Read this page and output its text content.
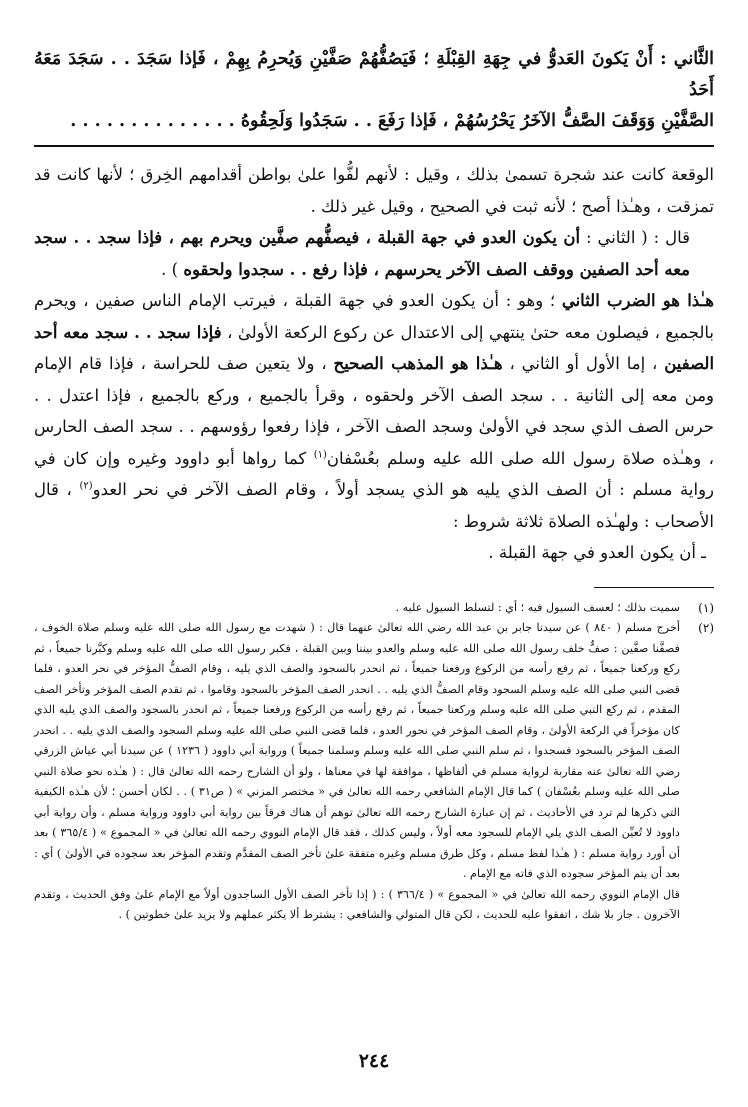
الثَّاني : أَنْ يَكونَ العَدوُّ في جِهَةِ القِبْلَةِ ؛ فَيَصُفُّهُمْ صَفَّيْنِ وَيُحرِمُ بِهِمْ ، فَإذا سَجَدَ . . سَجَدَ مَعَهُ أَحَدُ

الصَّفَّيْنِ وَوَقَفَ الصَّفُّ الآخَرُ يَحْرُسُهُمْ ، فَإذا رَفَعَ . . سَجَدُوا وَلَحِقُوهُ . . . . . . . . . . . . . .

الوقعة كانت عند شجرة تسمىٰ بذلك ، وقيل : لأنهم لفُّوا علىٰ بواطن أقدامهم الخِرق ؛ لأنها كانت قد تمزقت ، وهـٰذا أصح ؛ لأنه ثبت في الصحيح ، وقيل غير ذلك .

قال : ( الثاني : أن يكون العدو في جهة القبلة ، فيصفُّهم صفَّين ويحرم بهم ، فإذا سجد . . سجد معه أحد الصفين ووقف الصف الآخر يحرسهم ، فإذا رفع . . سجدوا ولحقوه ) .

هـٰذا هو الضرب الثاني ؛ وهو : أن يكون العدو في جهة القبلة ، فيرتب الإمام الناس صفين ، ويحرم بالجميع ، فيصلون معه حتىٰ ينتهي إلى الاعتدال عن ركوع الركعة الأولىٰ ، فإذا سجد . . سجد معه أحد الصفين ، إما الأول أو الثاني ، هـٰذا هو المذهب الصحيح ، ولا يتعين صف للحراسة ، فإذا قام الإمام ومن معه إلى الثانية . . سجد الصف الآخر ولحقوه ، وقرأ بالجميع ، وركع بالجميع ، فإذا اعتدل . . حرس الصف الذي سجد في الأولىٰ وسجد الصف الآخر ، فإذا رفعوا رؤوسهم . . سجد الصف الحارس ، وهـٰذه صلاة رسول الله صلى الله عليه وسلم بعُسْفان$^{(١)}$ كما رواها أبو داوود وغيره وإن كان في رواية مسلم : أن الصف الذي يليه هو الذي يسجد أولاً ، وقام الصف الآخر في نحر العدو$^{(٢)}$ ، قال الأصحاب : ولهـٰذه الصلاة ثلاثة شروط :

ـ أن يكون العدو في جهة القبلة .

(١)
سميت بذلك ؛ لعسف السيول فيه ؛ أي : لتسلط السيول عليه .
(٢)
أخرج مسلم ( ٨٤٠ ) عن سيدنا جابر بن عبد الله رضي الله تعالىٰ عنهما قال : ( شهدت مع رسول الله صلى الله عليه وسلم صلاة الخوف ، فصفَّنا صفَّين : صفٌّ خلف رسول الله صلى الله عليه وسلم والعدو بيننا وبين القبلة ، فكبر رسول الله صلى الله عليه وسلم وكبَّرنا جميعاً ، ثم ركع وركعنا جميعاً ، ثم رفع رأسه من الركوع ورفعنا جميعاً ، ثم انحدر بالسجود والصف الذي يليه ، وقام الصفُّ المؤخر في نحر العدو ، فلما قضى النبي صلى الله عليه وسلم السجود وقام الصفُّ الذي يليه . . انحدر الصف المؤخر بالسجود وقاموا ، ثم تقدم الصف المؤخر وتأخر الصف المقدم ، ثم ركع النبي صلى الله عليه وسلم وركعنا جميعاً ، ثم رفع رأسه من الركوع ورفعنا جميعاً ، ثم انحدر بالسجود والصف الذي يليه الذي كان مؤخراً في الركعة الأولىٰ ، وقام الصف المؤخر في نحور العدو ، فلما قضى النبي صلى الله عليه وسلم السجود والصف الذي يليه . . انحدر الصف المؤخر بالسجود فسجدوا ، ثم سلم النبي صلى الله عليه وسلم وسلمنا جميعاً ) ورواية أبي داوود ( ١٢٣٦ ) عن سيدنا أبي عياش الزرقي رضي الله تعالىٰ عنه مقاربة لرواية مسلم في ألفاظها ، موافقة لها في معناها ، ولو أن الشارح رحمه الله تعالىٰ قال : ( هـٰذه نحو صلاة النبي صلى الله عليه وسلم بعُسْفان ) كما قال الإمام الشافعي رحمه الله تعالىٰ في « مختصر المزني » ( ص٣١ ) . . لكان أحسن ؛ لأن هـٰذه الكيفية التي ذكرها لم ترد في الأحاديث ، ثم إن عبارة الشارح رحمه الله تعالىٰ توهم أن هناك فرقاً بين رواية أبي داوود ورواية مسلم ، وأن رواية أبي داوود لا تُعيِّن الصف الذي يلي الإمام للسجود معه أولاً ، وليس كذلك ، فقد قال الإمام النووي رحمه الله تعالىٰ في « المجموع » ( ٣٦٥/٤ ) بعد أن أورد رواية مسلم : ( هـٰذا لفظ مسلم ، وكل طرق مسلم وغيره متفقة علىٰ تأخر الصف المقدَّم وتقدم المؤخر بعد سجوده في الأولىٰ ) أي : بعد أن يتم المؤخر سجوده الذي فاته مع الإمام .
قال الإمام النووي رحمه الله تعالىٰ في « المجموع » ( ٣٦٦/٤ ) : ( إذا تأخر الصف الأول الساجدون أولاً مع الإمام علىٰ وفق الحديث ، وتقدم الآخرون . جاز بلا شك ، اتفقوا عليه للحديث ، لكن قال المتولي والشافعي : يشترط ألا يكثر عملهم ولا يزيد علىٰ خطوتين ) .
٢٤٤
